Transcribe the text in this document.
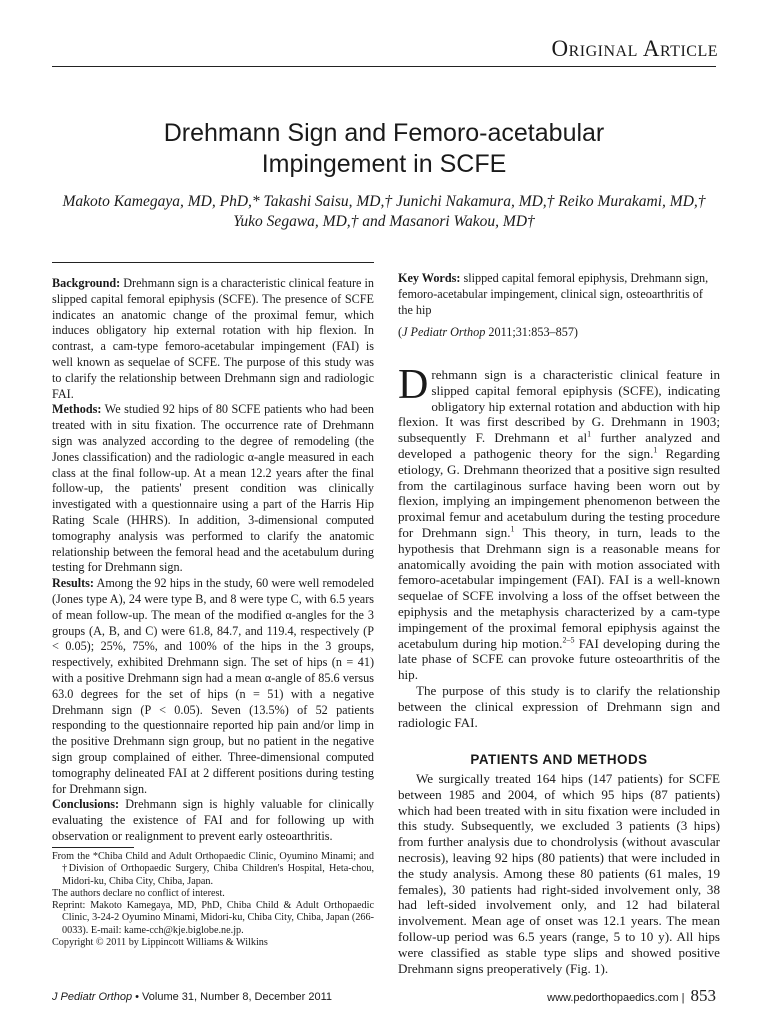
Original Article
Drehmann Sign and Femoro-acetabular
Impingement in SCFE
Makoto Kamegaya, MD, PhD,* Takashi Saisu, MD,† Junichi Nakamura, MD,† Reiko Murakami, MD,†
Yuko Segawa, MD,† and Masanori Wakou, MD†

Background: Drehmann sign is a characteristic clinical feature in slipped capital femoral epiphysis (SCFE). The presence of SCFE indicates an anatomic change of the proximal femur, which induces obligatory hip external rotation with hip flexion. In contrast, a cam-type femoro-acetabular impingement (FAI) is well known as sequelae of SCFE. The purpose of this study was to clarify the relationship between Drehmann sign and radiologic FAI.

Methods: We studied 92 hips of 80 SCFE patients who had been treated with in situ fixation. The occurrence rate of Drehmann sign was analyzed according to the degree of remodeling (the Jones classification) and the radiologic α-angle measured in each class at the final follow-up. At a mean 12.2 years after the final follow-up, the patients' present condition was clinically investigated with a questionnaire using a part of the Harris Hip Rating Scale (HHRS). In addition, 3-dimensional computed tomography analysis was performed to clarify the anatomic relationship between the femoral head and the acetabulum during testing for Drehmann sign.

Results: Among the 92 hips in the study, 60 were well remodeled (Jones type A), 24 were type B, and 8 were type C, with 6.5 years of mean follow-up. The mean of the modified α-angles for the 3 groups (A, B, and C) were 61.8, 84.7, and 119.4, respectively (P < 0.05); 25%, 75%, and 100% of the hips in the 3 groups, respectively, exhibited Drehmann sign. The set of hips (n = 41) with a positive Drehmann sign had a mean α-angle of 85.6 versus 63.0 degrees for the set of hips (n = 51) with a negative Drehmann sign (P < 0.05). Seven (13.5%) of 52 patients responding to the questionnaire reported hip pain and/or limp in the positive Drehmann sign group, but no patient in the negative sign group complained of either. Three-dimensional computed tomography delineated FAI at 2 different positions during testing for Drehmann sign.

Conclusions: Drehmann sign is highly valuable for clinically evaluating the existence of FAI and for following up with observation or realignment to prevent early osteoarthritis.

Key Words: slipped capital femoral epiphysis, Drehmann sign, femoro-acetabular impingement, clinical sign, osteoarthritis of the hip

(J Pediatr Orthop 2011;31:853–857)

Drehmann sign is a characteristic clinical feature in slipped capital femoral epiphysis (SCFE), indicating obligatory hip external rotation and abduction with hip flexion. It was first described by G. Drehmann in 1903; subsequently F. Drehmann et $al^1$ further analyzed and developed a pathogenic theory for the sign.$^1$ Regarding etiology, G. Drehmann theorized that a positive sign resulted from the cartilaginous surface having been worn out by flexion, implying an impingement phenomenon between the proximal femur and acetabulum during the testing procedure for Drehmann sign.$^1$ This theory, in turn, leads to the hypothesis that Drehmann sign is a reasonable means for anatomically avoiding the pain with motion associated with femoro-acetabular impingement (FAI). FAI is a well-known sequelae of SCFE involving a loss of the offset between the epiphysis and the metaphysis characterized by a cam-type impingement of the proximal femoral epiphysis against the acetabulum during hip motion.$^{2-5}$ FAI developing during the late phase of SCFE can provoke future osteoarthritis of the hip.

The purpose of this study is to clarify the relationship between the clinical expression of Drehmann sign and radiologic FAI.

PATIENTS AND METHODS

We surgically treated 164 hips (147 patients) for SCFE between 1985 and 2004, of which 95 hips (87 patients) which had been treated with in situ fixation were included in this study. Subsequently, we excluded 3 patients (3 hips) from further analysis due to chondrolysis (without avascular necrosis), leaving 92 hips (80 patients) that were included in the study analysis. Among these 80 patients (61 males, 19 females), 30 patients had right-sided involvement only, 38 had left-sided involvement only, and 12 had bilateral involvement. Mean age of onset was 12.1 years. The mean follow-up period was 6.5 years (range, 5 to 10 y). All hips were classified as stable type slips and showed positive Drehmann signs preoperatively (Fig. 1).

From the *Chiba Child and Adult Orthopaedic Clinic, Oyumino Minami; and †Division of Orthopaedic Surgery, Chiba Children's Hospital, Heta-chou, Midori-ku, Chiba City, Chiba, Japan.

The authors declare no conflict of interest.

Reprint: Makoto Kamegaya, MD, PhD, Chiba Child & Adult Orthopaedic Clinic, 3-24-2 Oyumino Minami, Midori-ku, Chiba City, Chiba, Japan (266-0033). E-mail: kame-cch@kje.biglobe.ne.jp.

Copyright © 2011 by Lippincott Williams & Wilkins

J Pediatr Orthop • Volume 31, Number 8, December 2011	www.pedorthopaedics.com | 853
